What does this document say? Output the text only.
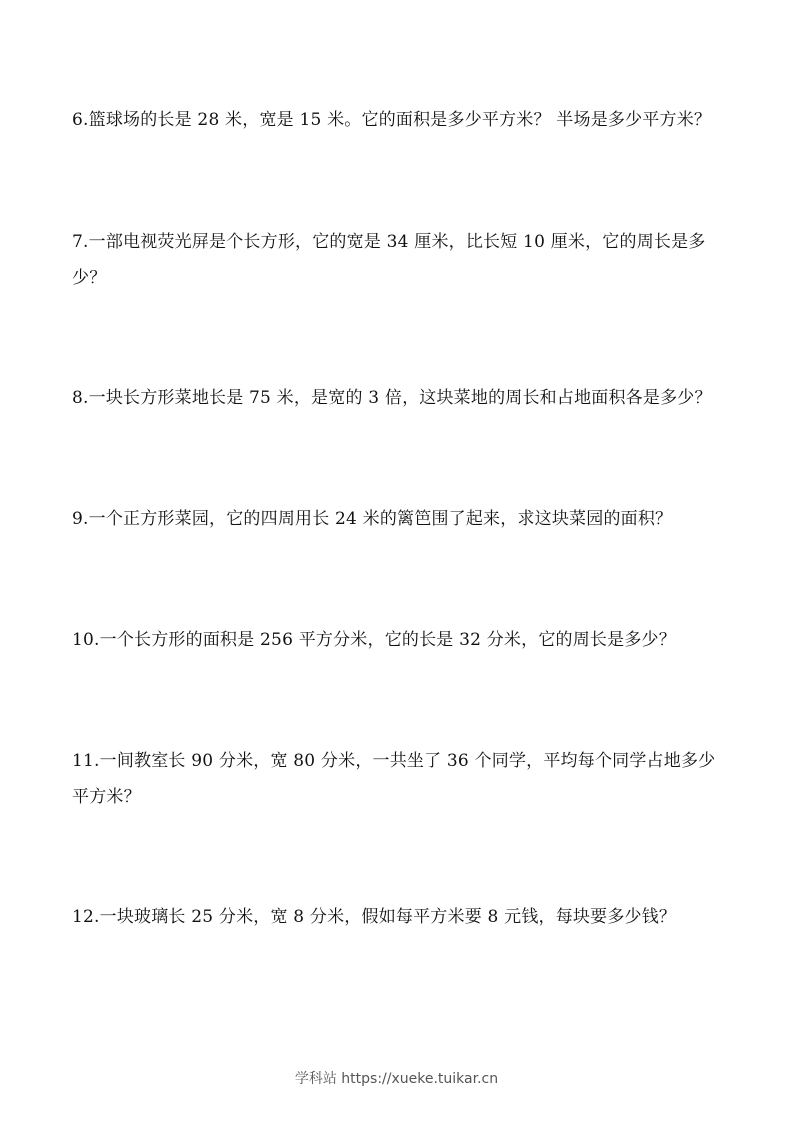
6.篮球场的长是 28 米，宽是 15 米。它的面积是多少平方米？ 半场是多少平方米？

7.一部电视荧光屏是个长方形，它的宽是 34 厘米，比长短 10 厘米，它的周长是多少？

8.一块长方形菜地长是 75 米，是宽的 3 倍，这块菜地的周长和占地面积各是多少？

9.一个正方形菜园，它的四周用长 24 米的篱笆围了起来，求这块菜园的面积？

10.一个长方形的面积是 256 平方分米，它的长是 32 分米，它的周长是多少？

11.一间教室长 90 分米，宽 80 分米，一共坐了 36 个同学，平均每个同学占地多少平方米？

12.一块玻璃长 25 分米，宽 8 分米，假如每平方米要 8 元钱，每块要多少钱？

学科站 https://xueke.tuikar.cn
